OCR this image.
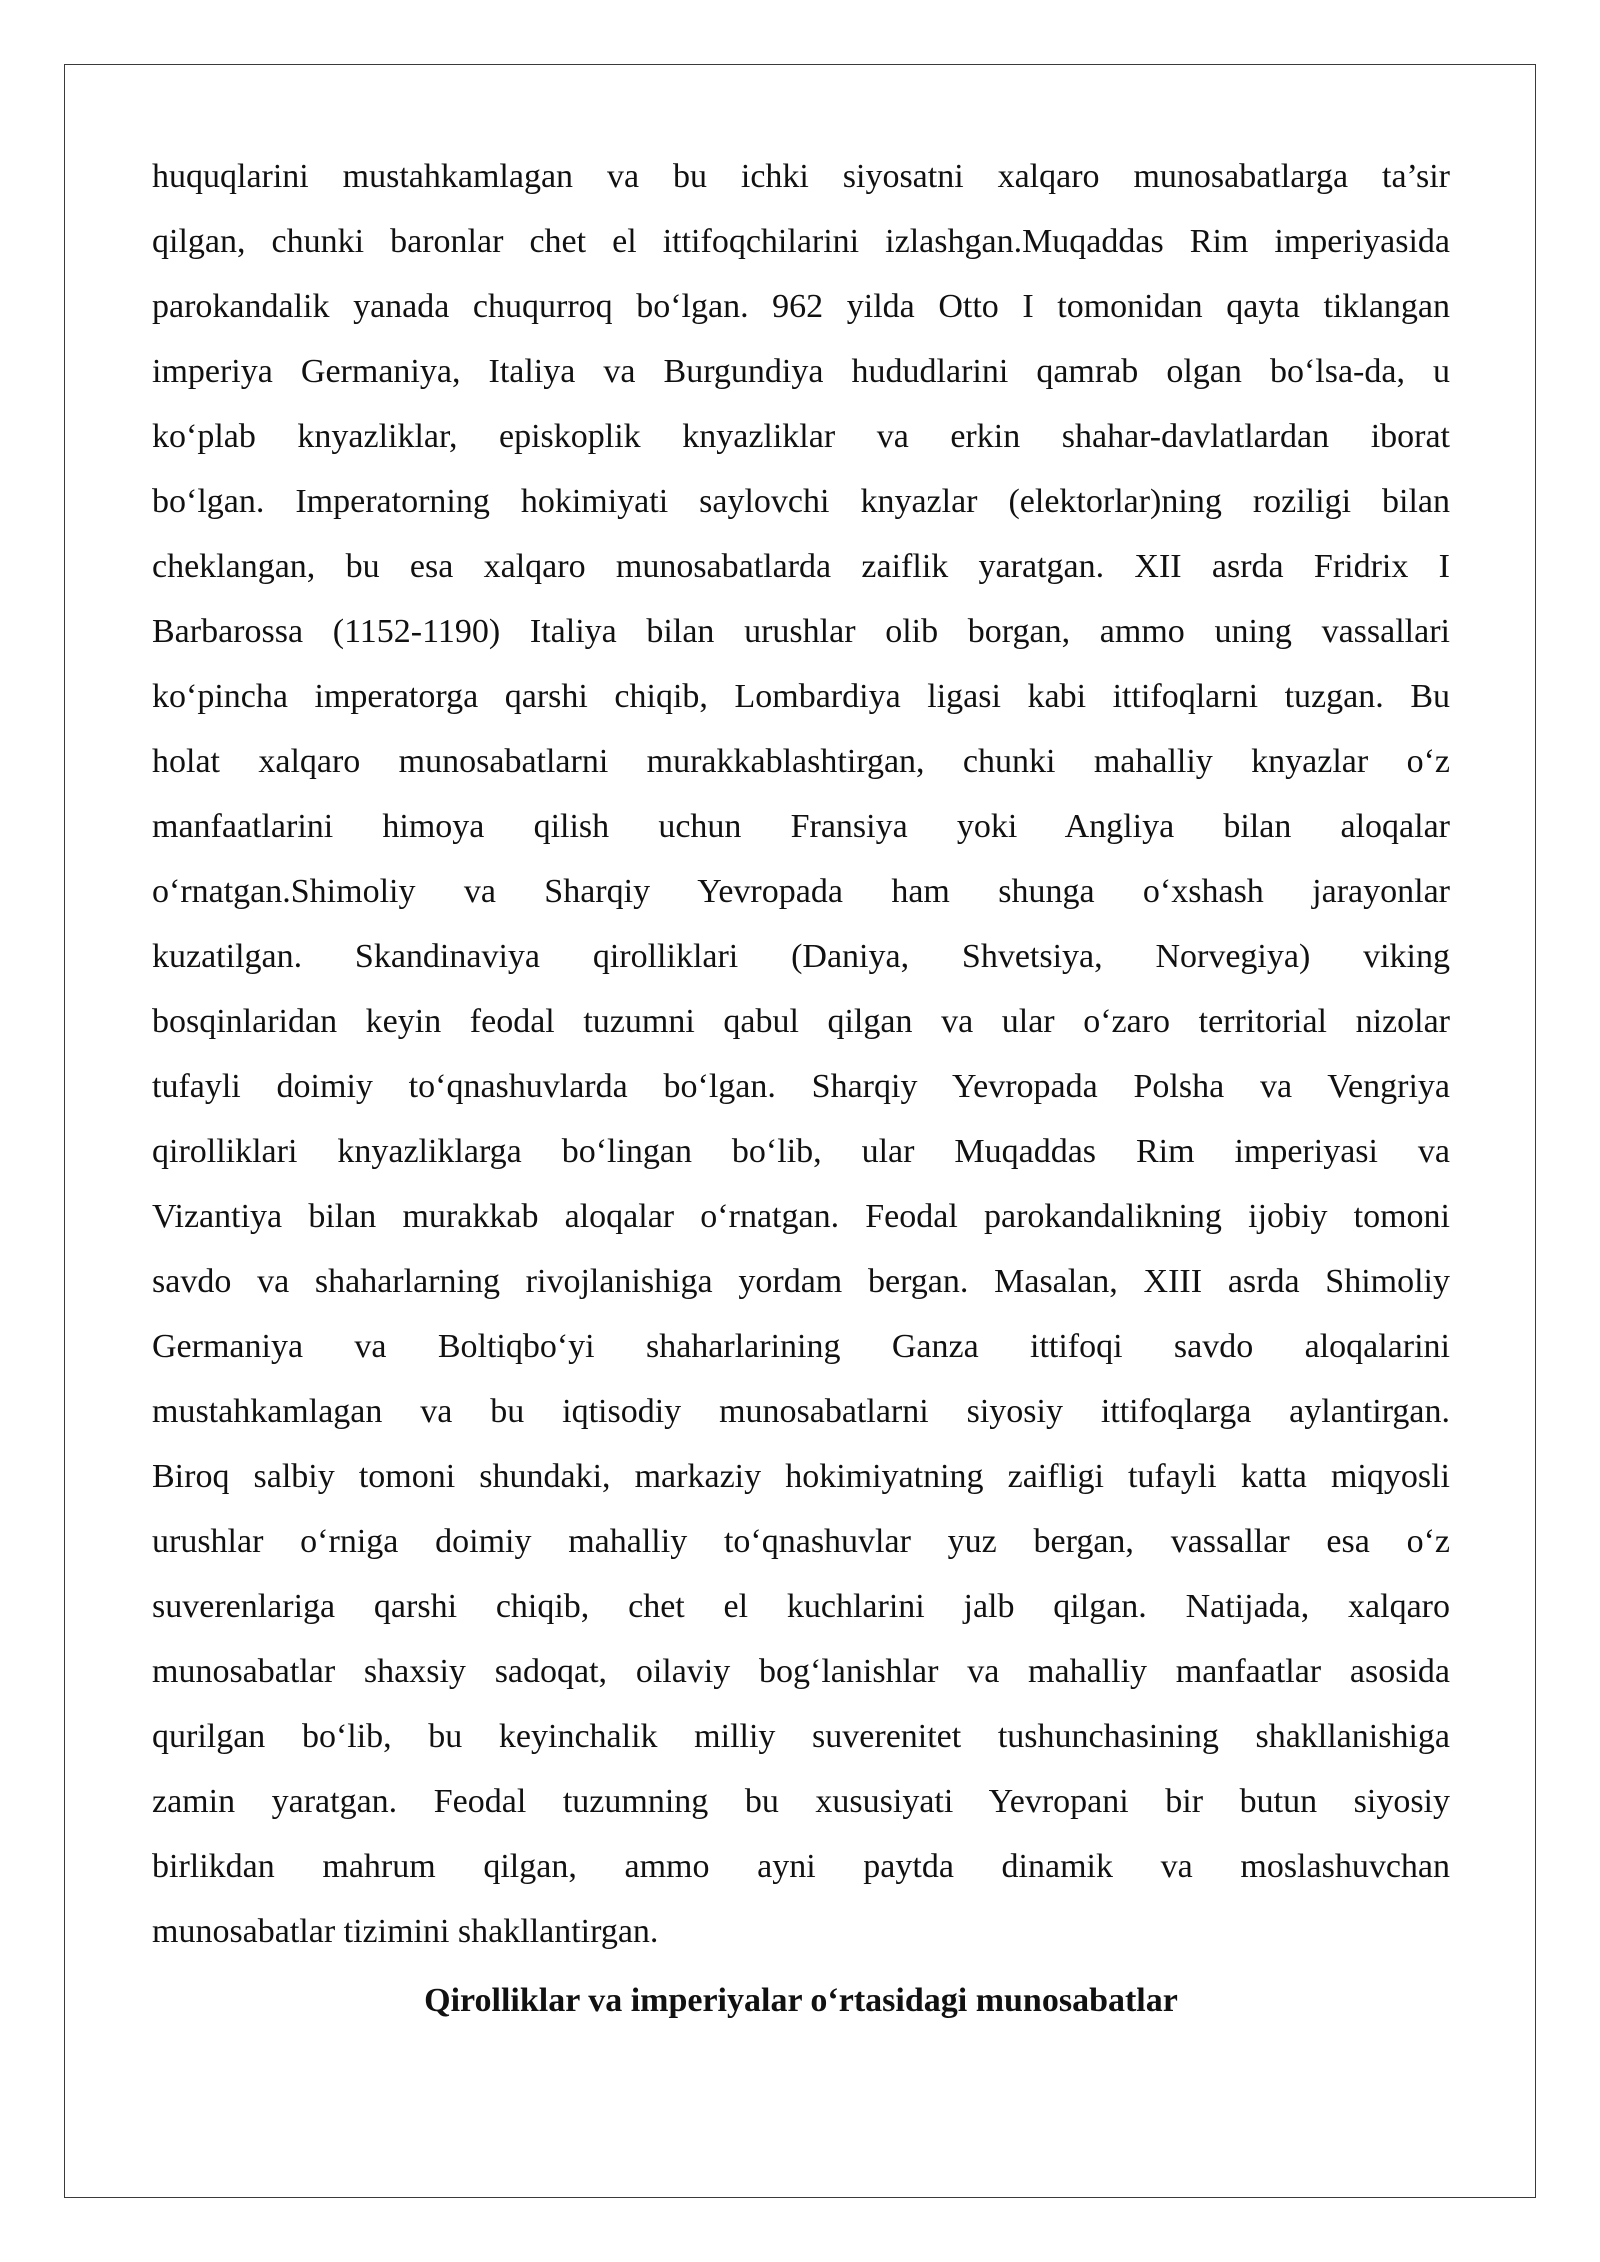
huquqlarini mustahkamlagan va bu ichki siyosatni xalqaro munosabatlarga ta’sir
qilgan, chunki baronlar chet el ittifoqchilarini izlashgan.Muqaddas Rim imperiyasida
parokandalik yanada chuqurroq bo‘lgan. 962 yilda Otto I tomonidan qayta tiklangan
imperiya Germaniya, Italiya va Burgundiya hududlarini qamrab olgan bo‘lsa-da, u
ko‘plab knyazliklar, episkoplik knyazliklar va erkin shahar-davlatlardan iborat
bo‘lgan. Imperatorning hokimiyati saylovchi knyazlar (elektorlar)ning roziligi bilan
cheklangan, bu esa xalqaro munosabatlarda zaiflik yaratgan. XII asrda Fridrix I
Barbarossa (1152-1190) Italiya bilan urushlar olib borgan, ammo uning vassallari
ko‘pincha imperatorga qarshi chiqib, Lombardiya ligasi kabi ittifoqlarni tuzgan. Bu
holat xalqaro munosabatlarni murakkablashtirgan, chunki mahalliy knyazlar o‘z
manfaatlarini himoya qilish uchun Fransiya yoki Angliya bilan aloqalar
o‘rnatgan.Shimoliy va Sharqiy Yevropada ham shunga o‘xshash jarayonlar
kuzatilgan. Skandinaviya qirolliklari (Daniya, Shvetsiya, Norvegiya) viking
bosqinlaridan keyin feodal tuzumni qabul qilgan va ular o‘zaro territorial nizolar
tufayli doimiy to‘qnashuvlarda bo‘lgan. Sharqiy Yevropada Polsha va Vengriya
qirolliklari knyazliklarga bo‘lingan bo‘lib, ular Muqaddas Rim imperiyasi va
Vizantiya bilan murakkab aloqalar o‘rnatgan. Feodal parokandalikning ijobiy tomoni
savdo va shaharlarning rivojlanishiga yordam bergan. Masalan, XIII asrda Shimoliy
Germaniya va Boltiqbo‘yi shaharlarining Ganza ittifoqi savdo aloqalarini
mustahkamlagan va bu iqtisodiy munosabatlarni siyosiy ittifoqlarga aylantirgan.
Biroq salbiy tomoni shundaki, markaziy hokimiyatning zaifligi tufayli katta miqyosli
urushlar o‘rniga doimiy mahalliy to‘qnashuvlar yuz bergan, vassallar esa o‘z
suverenlariga qarshi chiqib, chet el kuchlarini jalb qilgan. Natijada, xalqaro
munosabatlar shaxsiy sadoqat, oilaviy bog‘lanishlar va mahalliy manfaatlar asosida
qurilgan bo‘lib, bu keyinchalik milliy suverenitet tushunchasining shakllanishiga
zamin yaratgan. Feodal tuzumning bu xususiyati Yevropani bir butun siyosiy
birlikdan mahrum qilgan, ammo ayni paytda dinamik va moslashuvchan
munosabatlar tizimini shakllantirgan.
Qirolliklar va imperiyalar o‘rtasidagi munosabatlar
